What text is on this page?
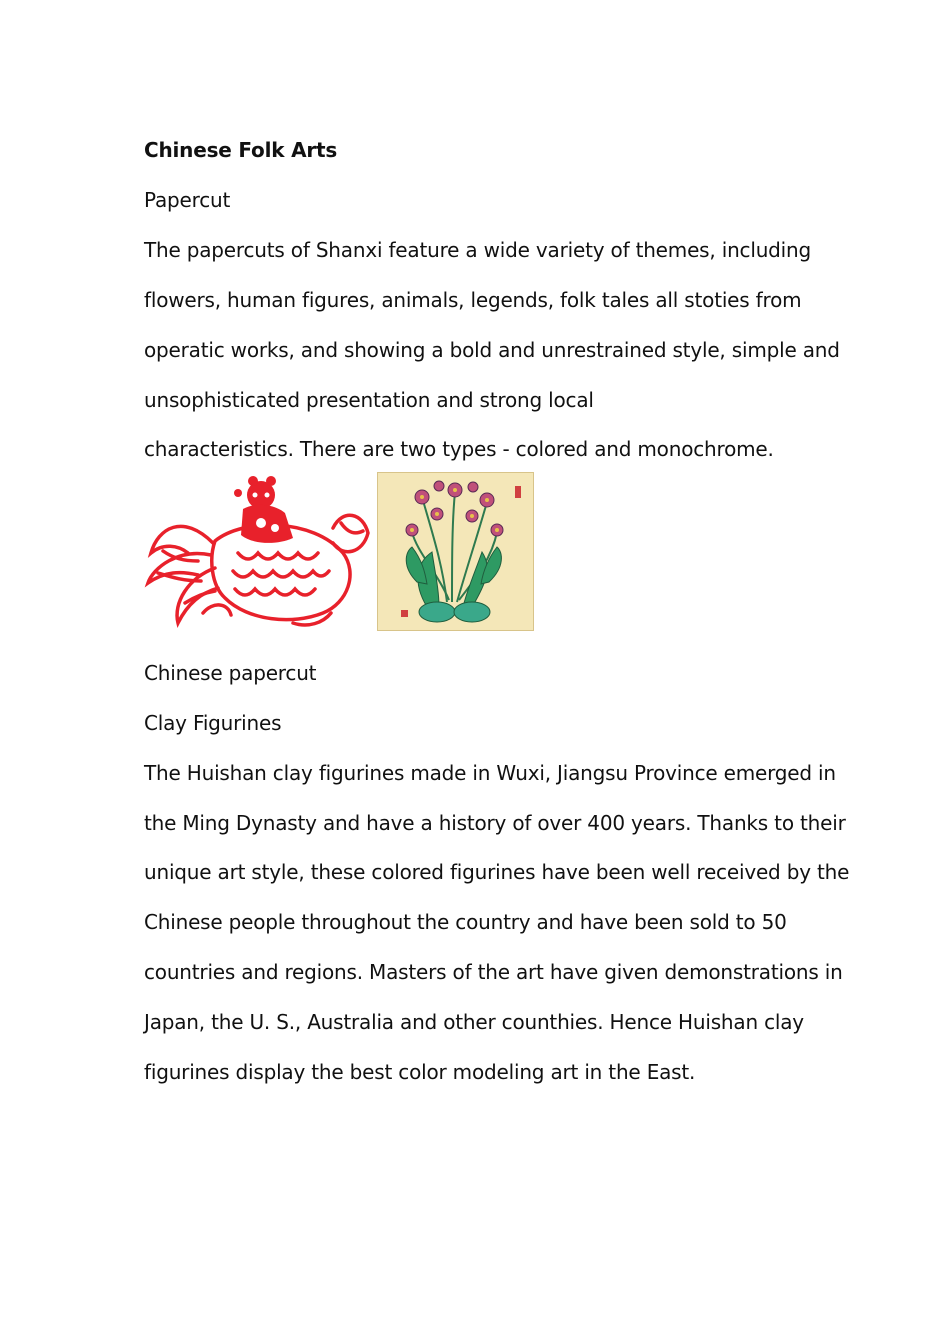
Chinese Folk Arts
Papercut
The papercuts of Shanxi feature a wide variety of themes, including
flowers, human figures, animals, legends, folk tales all stoties from
operatic works, and showing a bold and unrestrained style, simple and
unsophisticated presentation and strong local
characteristics. There are two types - colored and monochrome.
Chinese papercut
Clay Figurines
The Huishan clay figurines made in Wuxi, Jiangsu Province emerged in
the Ming Dynasty and have a history of over 400 years. Thanks to their
unique art style, these colored figurines have been well received by the
Chinese people throughout the country and have been sold to 50
countries and regions. Masters of the art have given demonstrations in
Japan, the U. S., Australia and other counthies. Hence Huishan clay
figurines display the best color modeling art in the East.
